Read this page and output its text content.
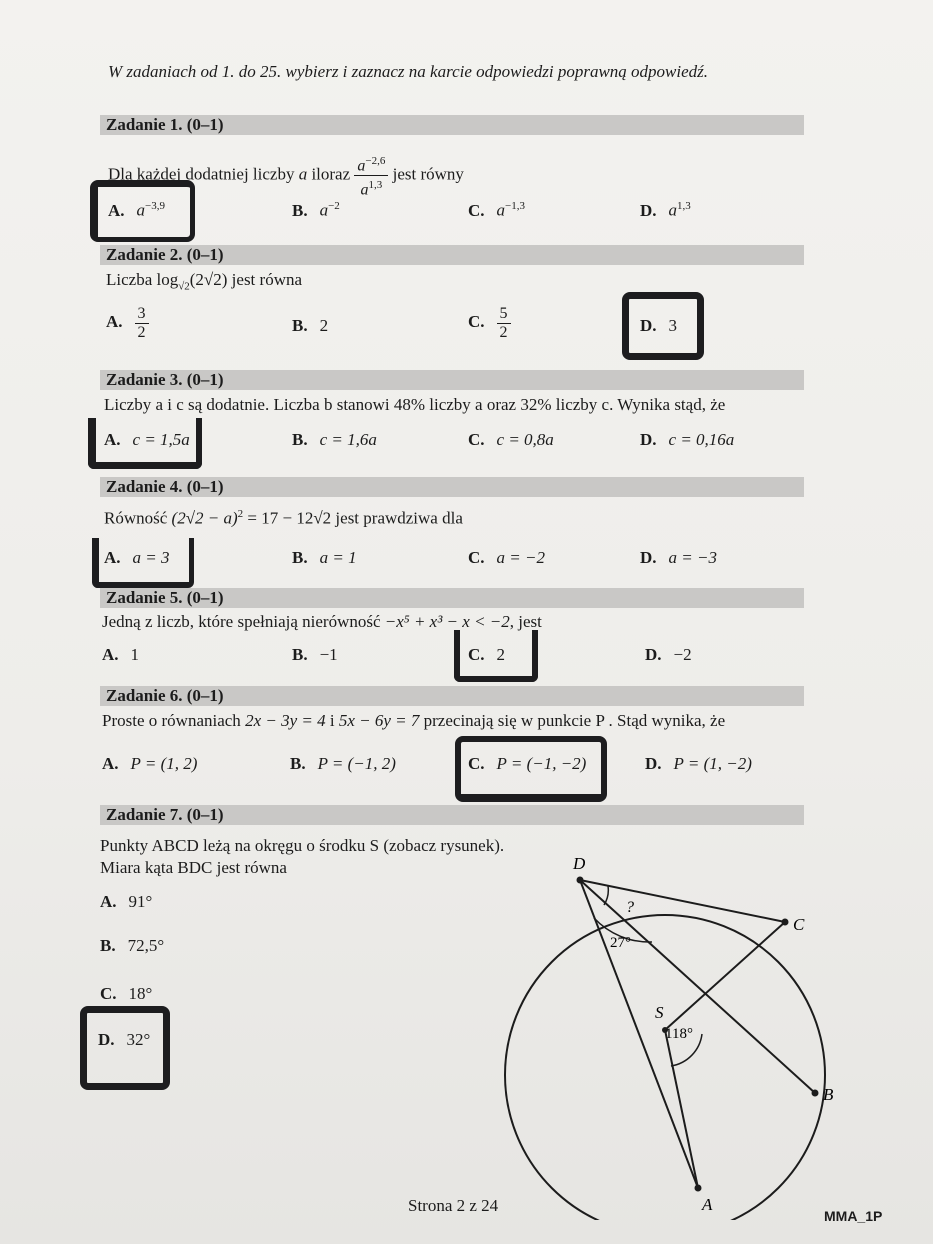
W zadaniach od 1. do 25. wybierz i zaznacz na karcie odpowiedzi poprawną odpowiedź.
Zadanie 1. (0–1)
Dla każdej dodatniej liczby a iloraz $\frac{a^{-2,6}}{a^{1,3}}$ jest równy
A. $a^{-3,9}$	B. $a^{-2}$	C. $a^{-1,3}$	D. $a^{1,3}$
Zadanie 2. (0–1)
Liczba $\log_{√2}(2√2)$ jest równa
A. $\frac{3}{2}$	B. 2	C. $\frac{5}{2}$	D. 3
Zadanie 3. (0–1)
Liczby a i c są dodatnie. Liczba b stanowi 48% liczby a oraz 32% liczby c. Wynika stąd, że
A. c = 1,5a	B. c = 1,6a	C. c = 0,8a	D. c = 0,16a
Zadanie 4. (0–1)
Równość $(2√2 - a)^2 = 17 - 12√2$ jest prawdziwa dla
A. a = 3	B. a = 1	C. a = −2	D. a = −3
Zadanie 5. (0–1)
Jedną z liczb, które spełniają nierówność −x⁵ + x³ − x < −2, jest
A. 1	B. −1	C. 2	D. −2
Zadanie 6. (0–1)
Proste o równaniach 2x − 3y = 4 i 5x − 6y = 7 przecinają się w punkcie P . Stąd wynika, że
A. P = (1, 2)	B. P = (−1, 2)	C. P = (−1, −2)	D. P = (1, −2)
Zadanie 7. (0–1)
Punkty ABCD leżą na okręgu o środku S (zobacz rysunek).
Miara kąta BDC jest równa
A. 91°
B. 72,5°
C. 18°
D. 32°
D
C
B
A
S
?
27°
118°
Strona 2 z 24
MMA_1P
